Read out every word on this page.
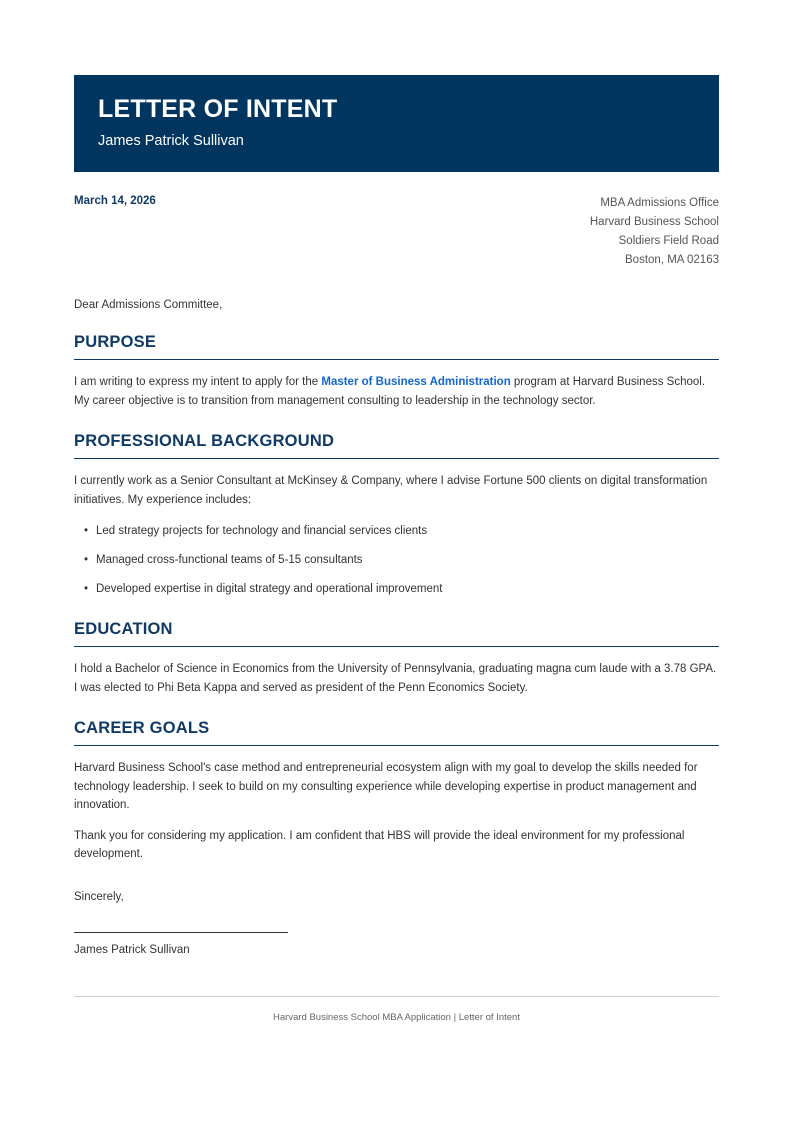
LETTER OF INTENT
James Patrick Sullivan
March 14, 2026	MBA Admissions Office
Harvard Business School
Soldiers Field Road
Boston, MA 02163
Dear Admissions Committee,
PURPOSE

I am writing to express my intent to apply for the Master of Business Administration program at Harvard Business School. My career objective is to transition from management consulting to leadership in the technology sector.

PROFESSIONAL BACKGROUND

I currently work as a Senior Consultant at McKinsey & Company, where I advise Fortune 500 clients on digital transformation initiatives. My experience includes:

• Led strategy projects for technology and financial services clients
• Managed cross-functional teams of 5-15 consultants
• Developed expertise in digital strategy and operational improvement
EDUCATION

I hold a Bachelor of Science in Economics from the University of Pennsylvania, graduating magna cum laude with a 3.78 GPA. I was elected to Phi Beta Kappa and served as president of the Penn Economics Society.

CAREER GOALS

Harvard Business School's case method and entrepreneurial ecosystem align with my goal to develop the skills needed for technology leadership. I seek to build on my consulting experience while developing expertise in product management and innovation.

Thank you for considering my application. I am confident that HBS will provide the ideal environment for my professional development.

Sincerely,
James Patrick Sullivan
Harvard Business School MBA Application | Letter of Intent
